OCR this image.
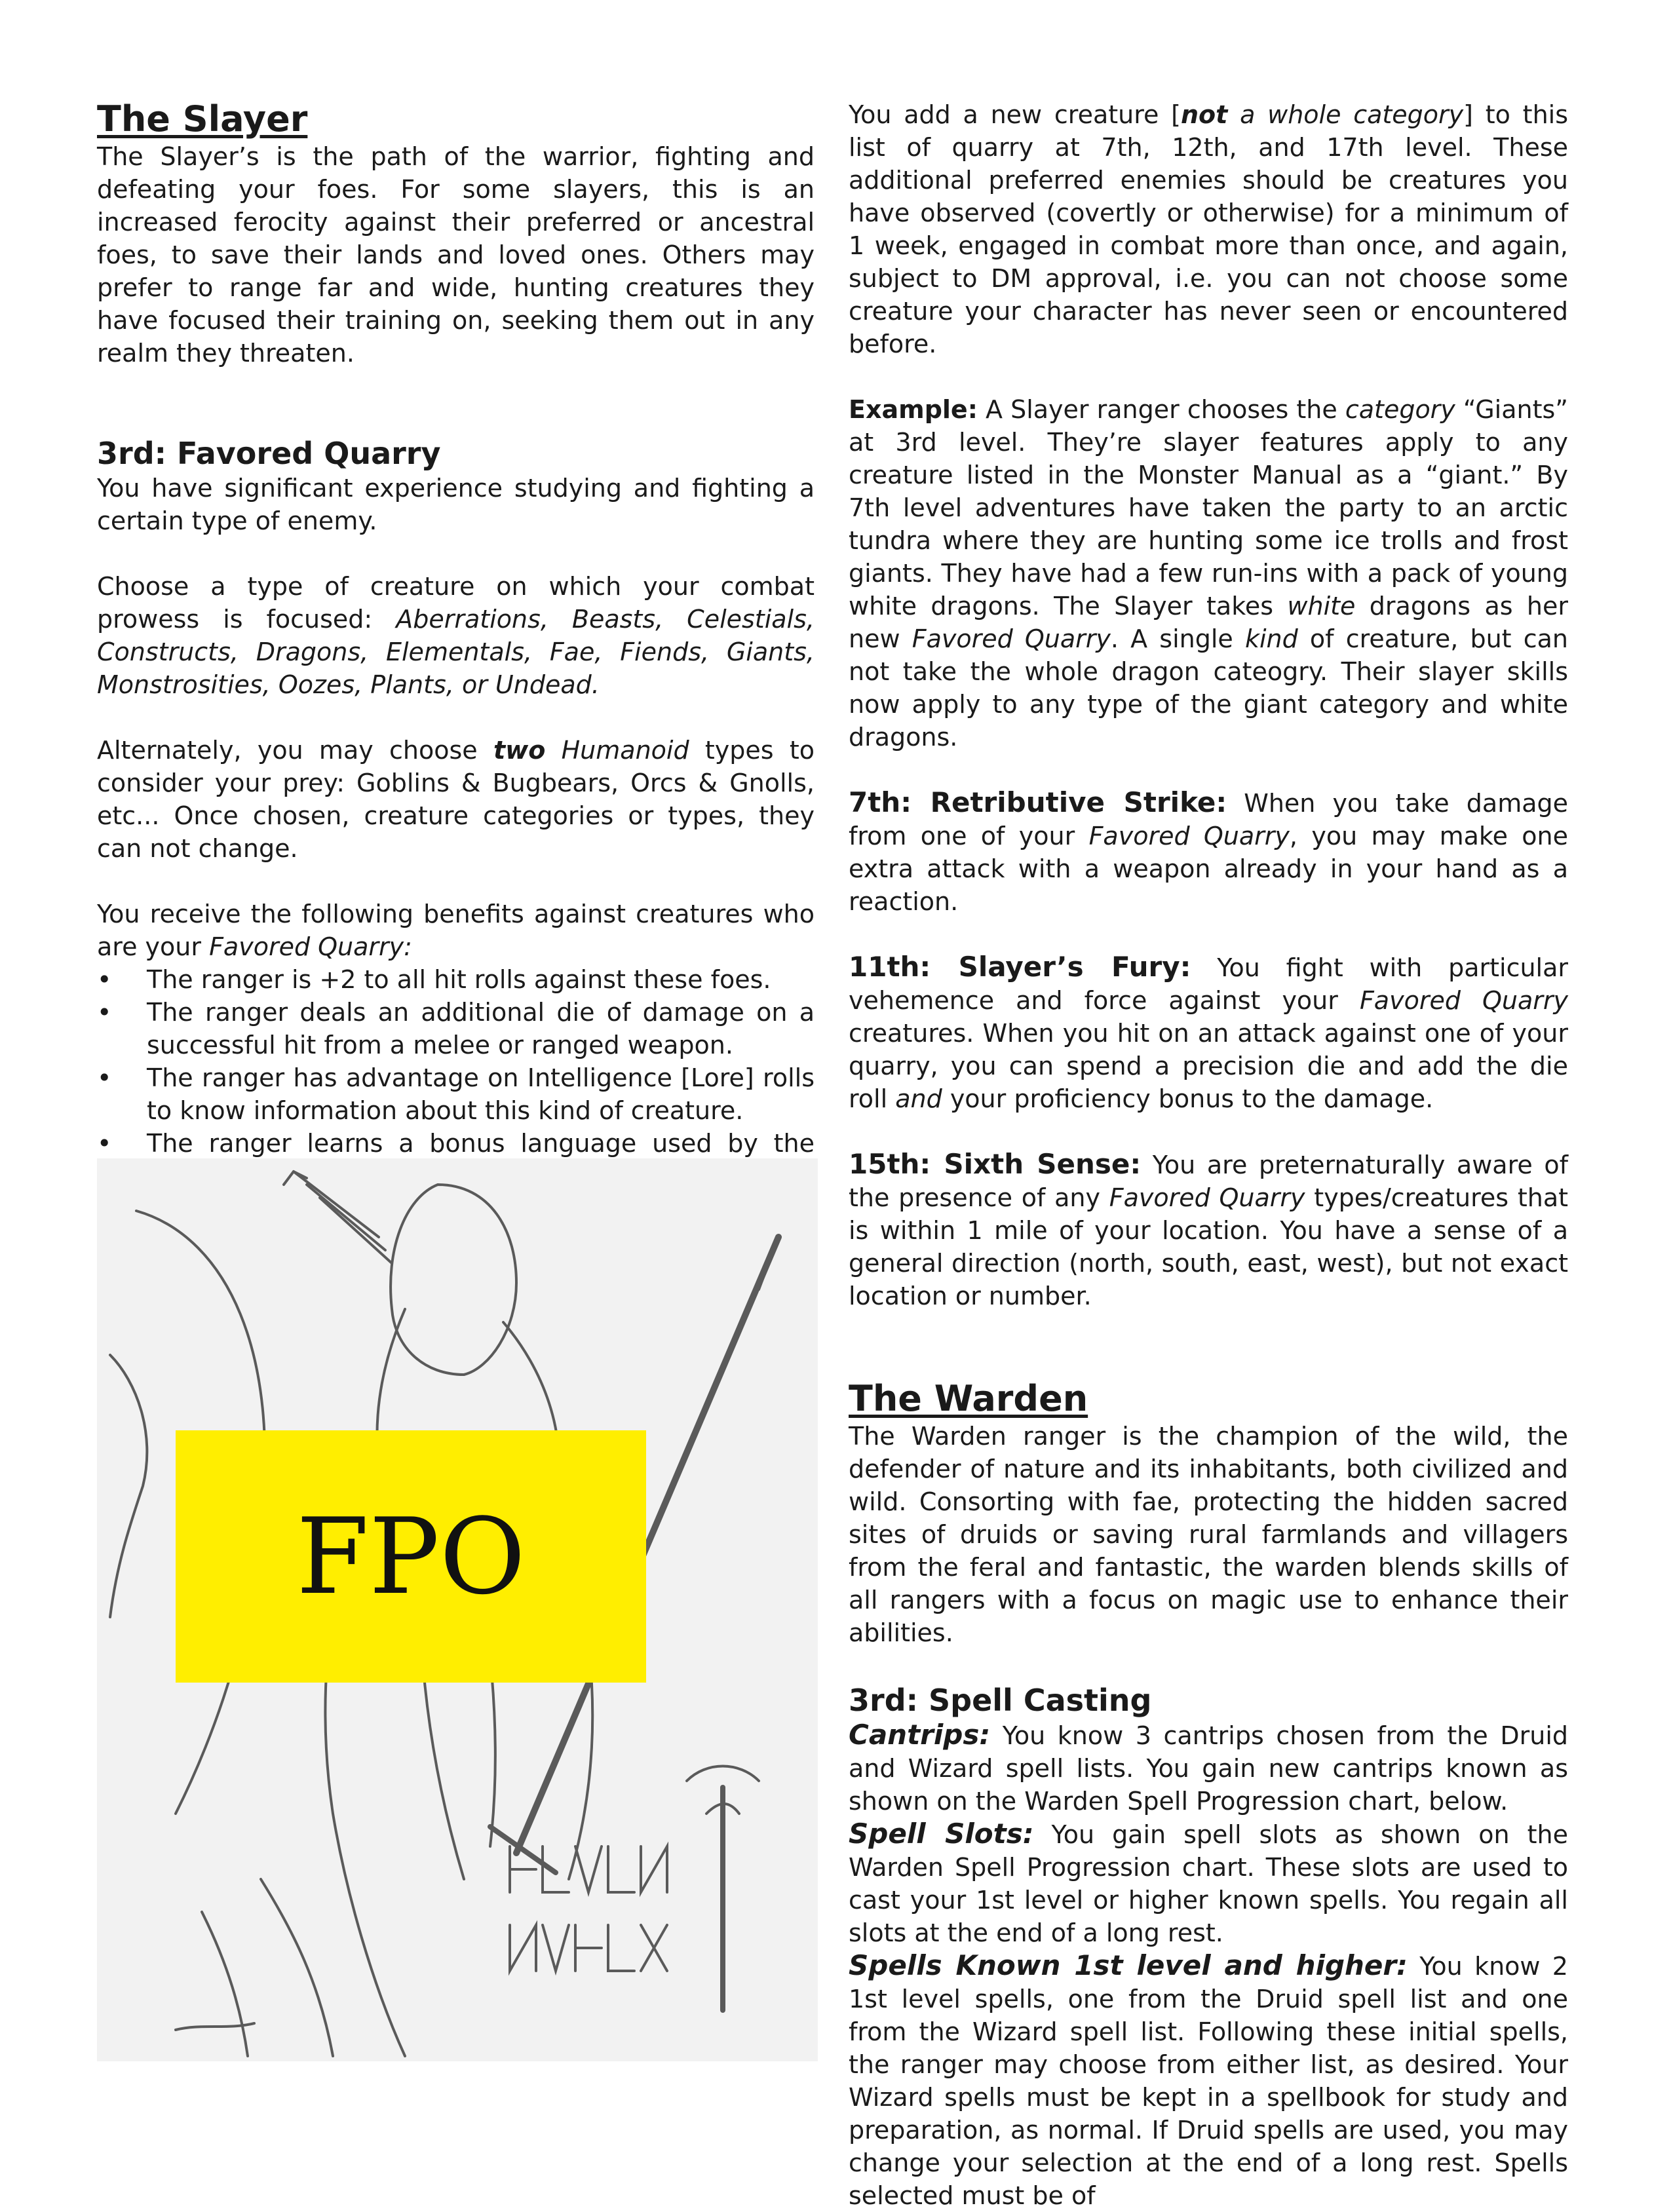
The Slayer

The Slayer’s is the path of the warrior, fighting and defeating your foes. For some slayers, this is an increased ferocity against their preferred or ancestral foes, to save their lands and loved ones. Others may prefer to range far and wide, hunting creatures they have focused their training on, seeking them out in any realm they threaten.

3rd: Favored Quarry

You have significant experience studying and fighting a certain type of enemy.

Choose a type of creature on which your combat prowess is focused: Aberrations, Beasts, Celestials, Constructs, Dragons, Elementals, Fae, Fiends, Giants, Monstrosities, Oozes, Plants, or Undead.

Alternately, you may choose two Humanoid types to consider your prey: Goblins & Bugbears, Orcs & Gnolls, etc... Once chosen, creature categories or types, they can not change.

You receive the following benefits against creatures who are your Favored Quarry:

• The ranger is +2 to all hit rolls against these foes.
• The ranger deals an additional die of damage on a successful hit from a melee or ranged weapon.
• The ranger has advantage on Intelligence [Lore] rolls to know information about this kind of creature.
• The ranger learns a bonus language used by the
FPO

You add a new creature [not a whole category] to this list of quarry at 7th, 12th, and 17th level. These additional preferred enemies should be creatures you have observed (covertly or otherwise) for a minimum of 1 week, engaged in combat more than once, and again, subject to DM approval, i.e. you can not choose some creature your character has never seen or encountered before.

Example: A Slayer ranger chooses the category “Giants” at 3rd level. They’re slayer features apply to any creature listed in the Monster Manual as a “giant.” By 7th level adventures have taken the party to an arctic tundra where they are hunting some ice trolls and frost giants. They have had a few run-ins with a pack of young white dragons. The Slayer takes white dragons as her new Favored Quarry. A single kind of creature, but can not take the whole dragon cateogry. Their slayer skills now apply to any type of the giant category and white dragons.

7th: Retributive Strike: When you take damage from one of your Favored Quarry, you may make one extra attack with a weapon already in your hand as a reaction.

11th: Slayer’s Fury: You fight with particular vehemence and force against your Favored Quarry creatures. When you hit on an attack against one of your quarry, you can spend a precision die and add the die roll and your proficiency bonus to the damage.

15th: Sixth Sense: You are preternaturally aware of the presence of any Favored Quarry types/creatures that is within 1 mile of your location. You have a sense of a general direction (north, south, east, west), but not exact location or number.

The Warden

The Warden ranger is the champion of the wild, the defender of nature and its inhabitants, both civilized and wild. Consorting with fae, protecting the hidden sacred sites of druids or saving rural farmlands and villagers from the feral and fantastic, the warden blends skills of all rangers with a focus on magic use to enhance their abilities.

3rd: Spell Casting

Cantrips: You know 3 cantrips chosen from the Druid and Wizard spell lists. You gain new cantrips known as shown on the Warden Spell Progression chart, below.

Spell Slots: You gain spell slots as shown on the Warden Spell Progression chart. These slots are used to cast your 1st level or higher known spells. You regain all slots at the end of a long rest.

Spells Known 1st level and higher: You know 2 1st level spells, one from the Druid spell list and one from the Wizard spell list. Following these initial spells, the ranger may choose from either list, as desired. Your Wizard spells must be kept in a spellbook for study and preparation, as normal. If Druid spells are used, you may change your selection at the end of a long rest. Spells selected must be of
